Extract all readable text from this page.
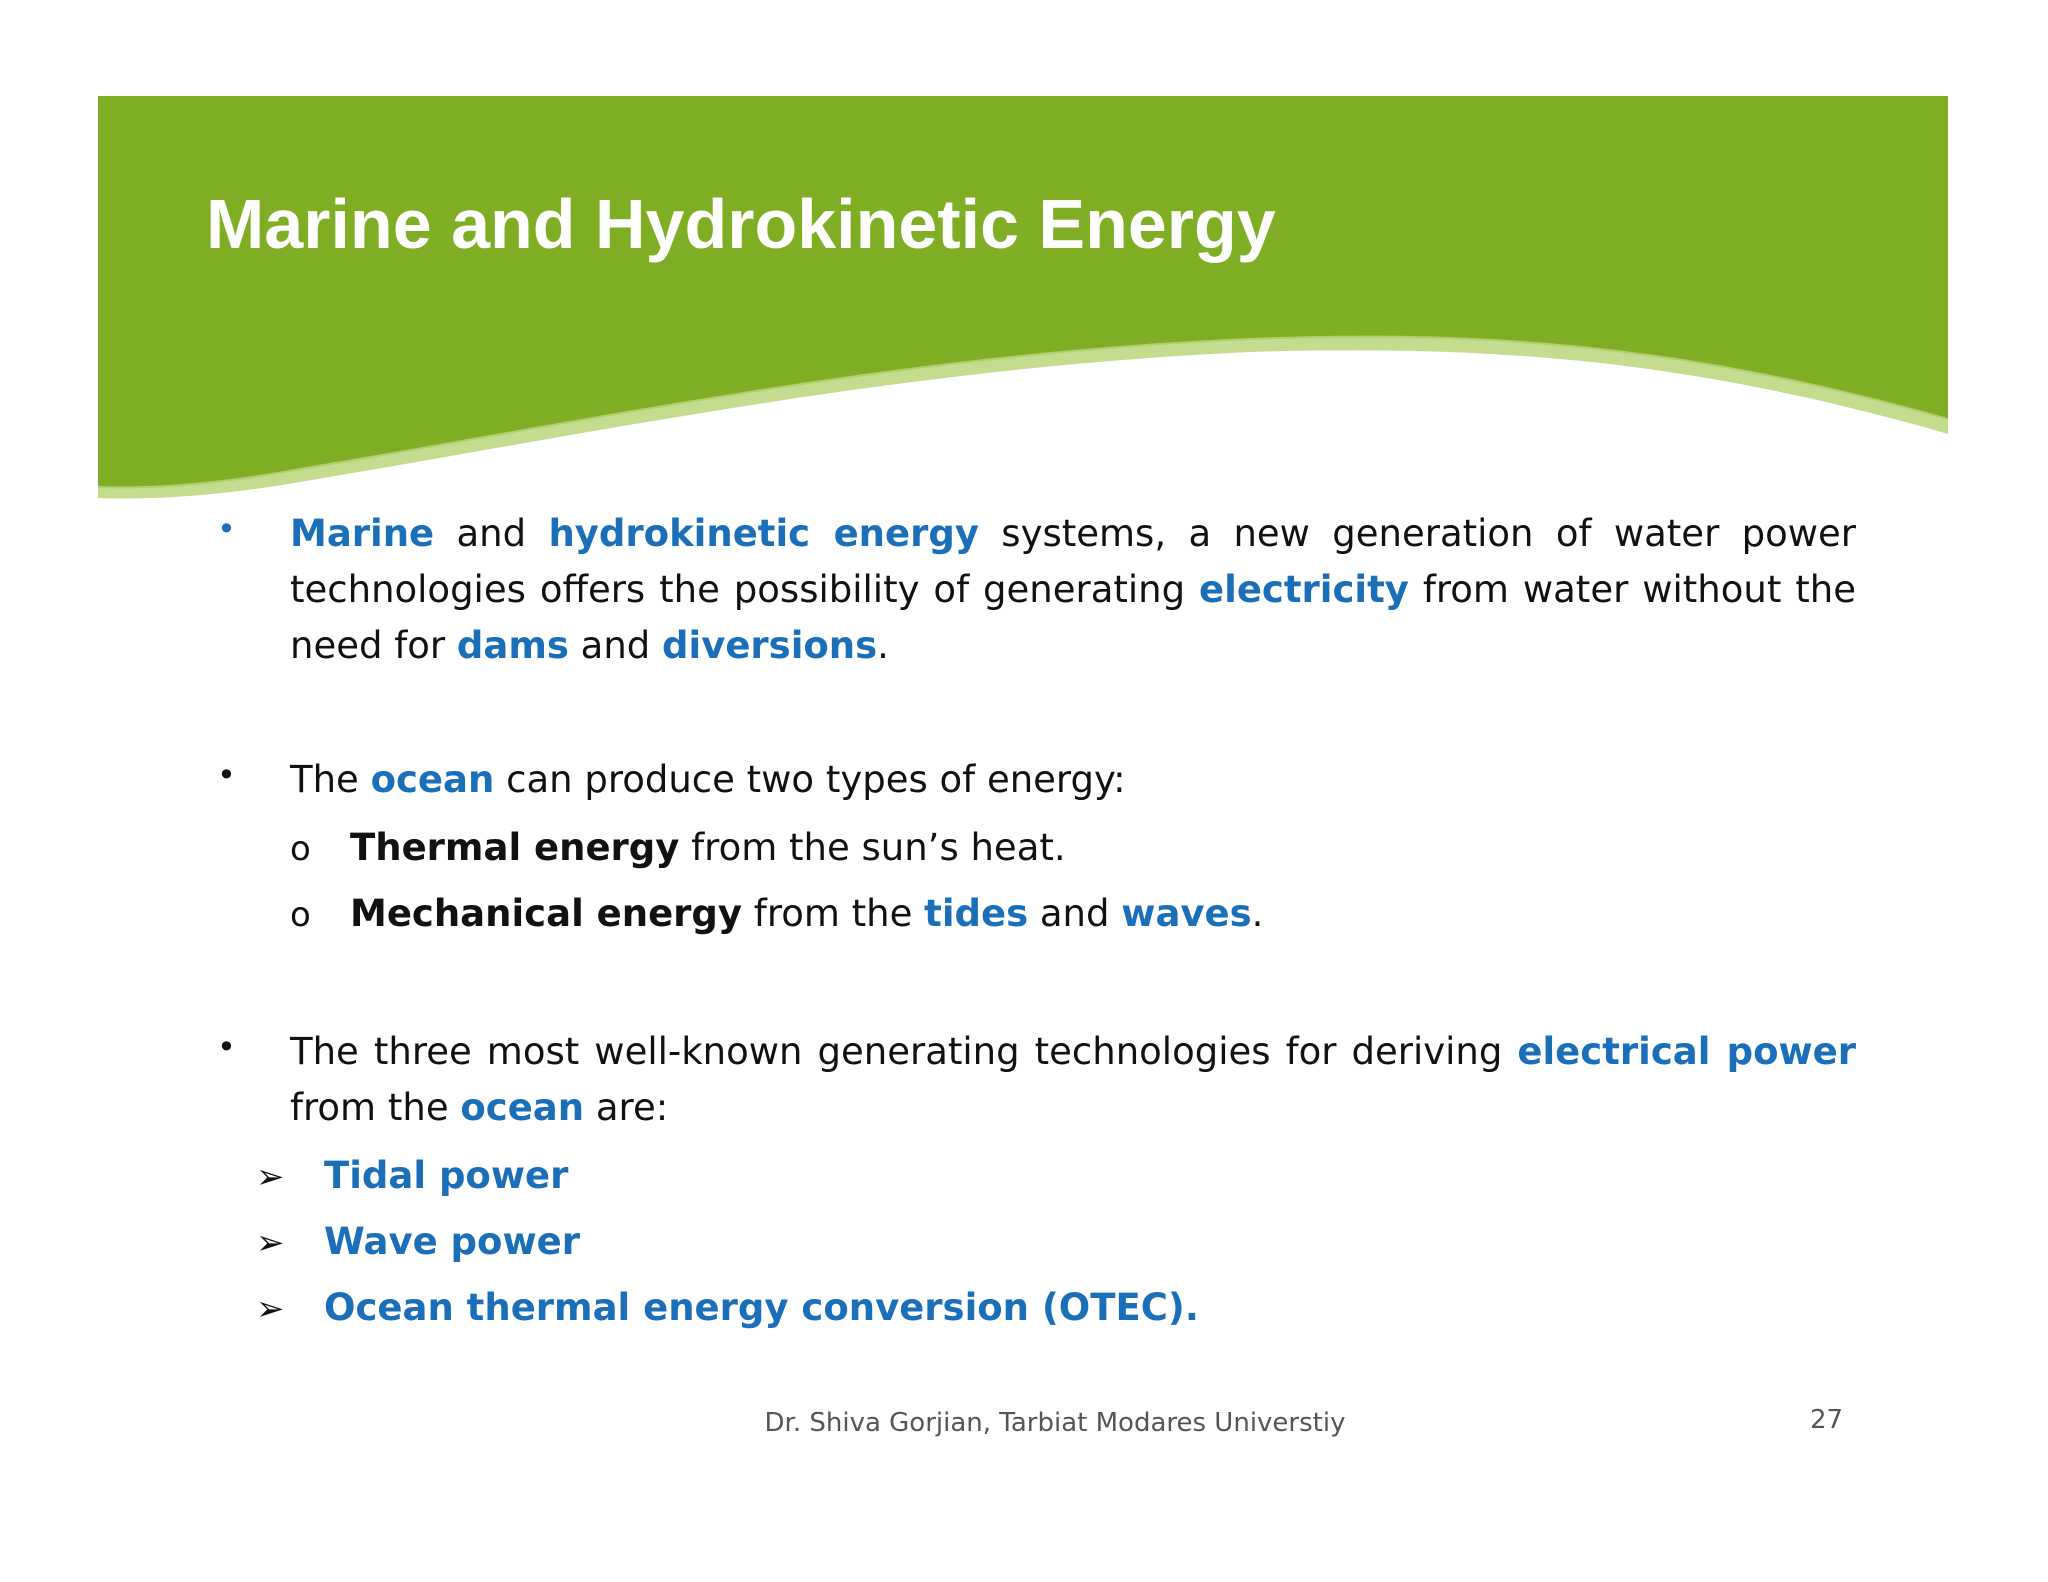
Marine and Hydrokinetic Energy
•	Marine and hydrokinetic energy systems, a new generation of water power technologies offers the possibility of generating electricity from water without the need for dams and diversions.
•	The ocean can produce two types of energy:
o Thermal energy from the sun’s heat.
o Mechanical energy from the tides and waves.
•	The three most well-known generating technologies for deriving electrical power from the ocean are:
➢ Tidal power
➢ Wave power
➢ Ocean thermal energy conversion (OTEC).
Dr. Shiva Gorjian, Tarbiat Modares Universtiy	27
